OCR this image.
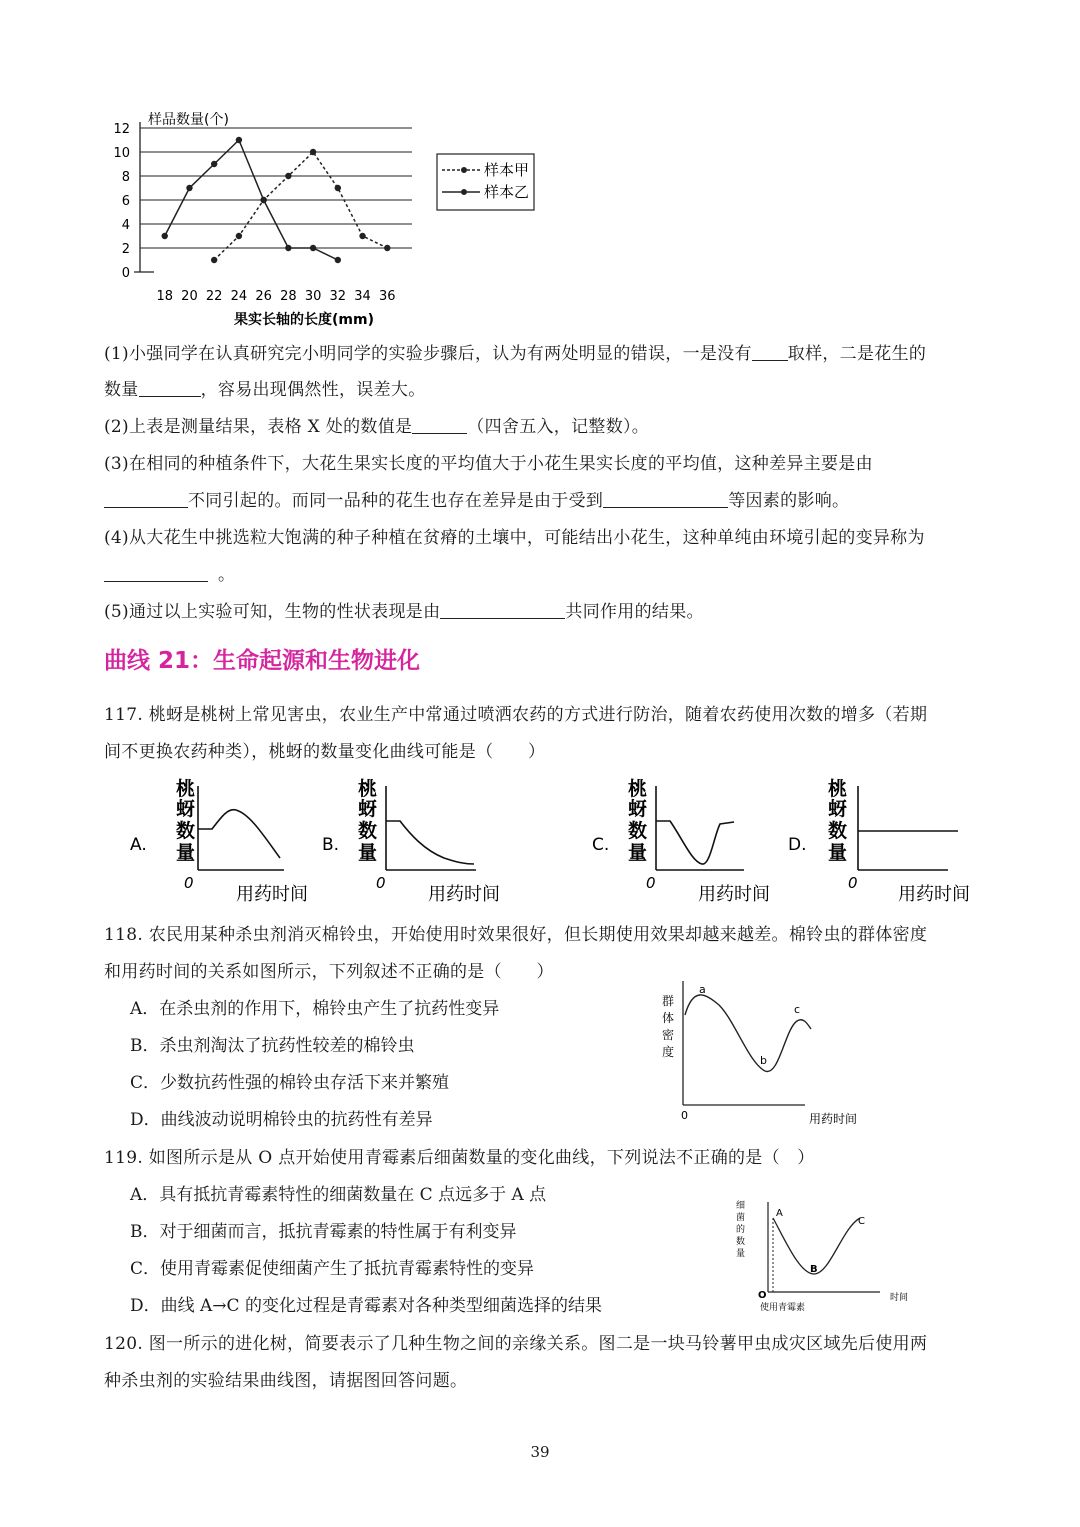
样品数量(个)
果实长轴的长度(mm)
0
2
4
6
8
10
12
18 20 22 24 26 28 30 32 34 36
样本甲
样本乙
(1)小强同学在认真研究完小明同学的实验步骤后，认为有两处明显的错误，一是没有 取样，二是花生的
数量	，容易出现偶然性，误差大。
(2)上表是测量结果，表格 X 处的数值是	（四舍五入，记整数）。
(3)在相同的种植条件下，大花生果实长度的平均值大于小花生果实长度的平均值，这种差异主要是由
不同引起的。而同一品种的花生也存在差异是由于受到	等因素的影响。
(4)从大花生中挑选粒大饱满的种子种植在贫瘠的土壤中，可能结出小花生，这种单纯由环境引起的变异称为
。
(5)通过以上实验可知，生物的性状表现是由	共同作用的结果。
曲线 21：生命起源和生物进化
117. 桃蚜是桃树上常见害虫，农业生产中常通过喷洒农药的方式进行防治，随着农药使用次数的增多（若期
间不更换农药种类），桃蚜的数量变化曲线可能是（　　）
A.	B.	C.	D.
桃
蚜
数
量
0
用药时间
桃
蚜
数
量
0
用药时间
桃
蚜
数
量
0
用药时间
桃
蚜
数
量
0
用药时间
118. 农民用某种杀虫剂消灭棉铃虫，开始使用时效果很好，但长期使用效果却越来越差。棉铃虫的群体密度
和用药时间的关系如图所示，下列叙述不正确的是（　　）
A．在杀虫剂的作用下，棉铃虫产生了抗药性变异
B．杀虫剂淘汰了抗药性较差的棉铃虫
C．少数抗药性强的棉铃虫存活下来并繁殖
D．曲线波动说明棉铃虫的抗药性有差异
群
体
密
度
a
b
c
0	用药时间
119. 如图所示是从 O 点开始使用青霉素后细菌数量的变化曲线，下列说法不正确的是（　）
A．具有抵抗青霉素特性的细菌数量在 C 点远多于 A 点
B．对于细菌而言，抵抗青霉素的特性属于有利变异
C．使用青霉素促使细菌产生了抵抗青霉素特性的变异
D．曲线 A→C 的变化过程是青霉素对各种类型细菌选择的结果
细
菌
的
数
量
A
B
C
O
使用青霉素
时间
120. 图一所示的进化树，简要表示了几种生物之间的亲缘关系。图二是一块马铃薯甲虫成灾区域先后使用两
种杀虫剂的实验结果曲线图，请据图回答问题。
39
